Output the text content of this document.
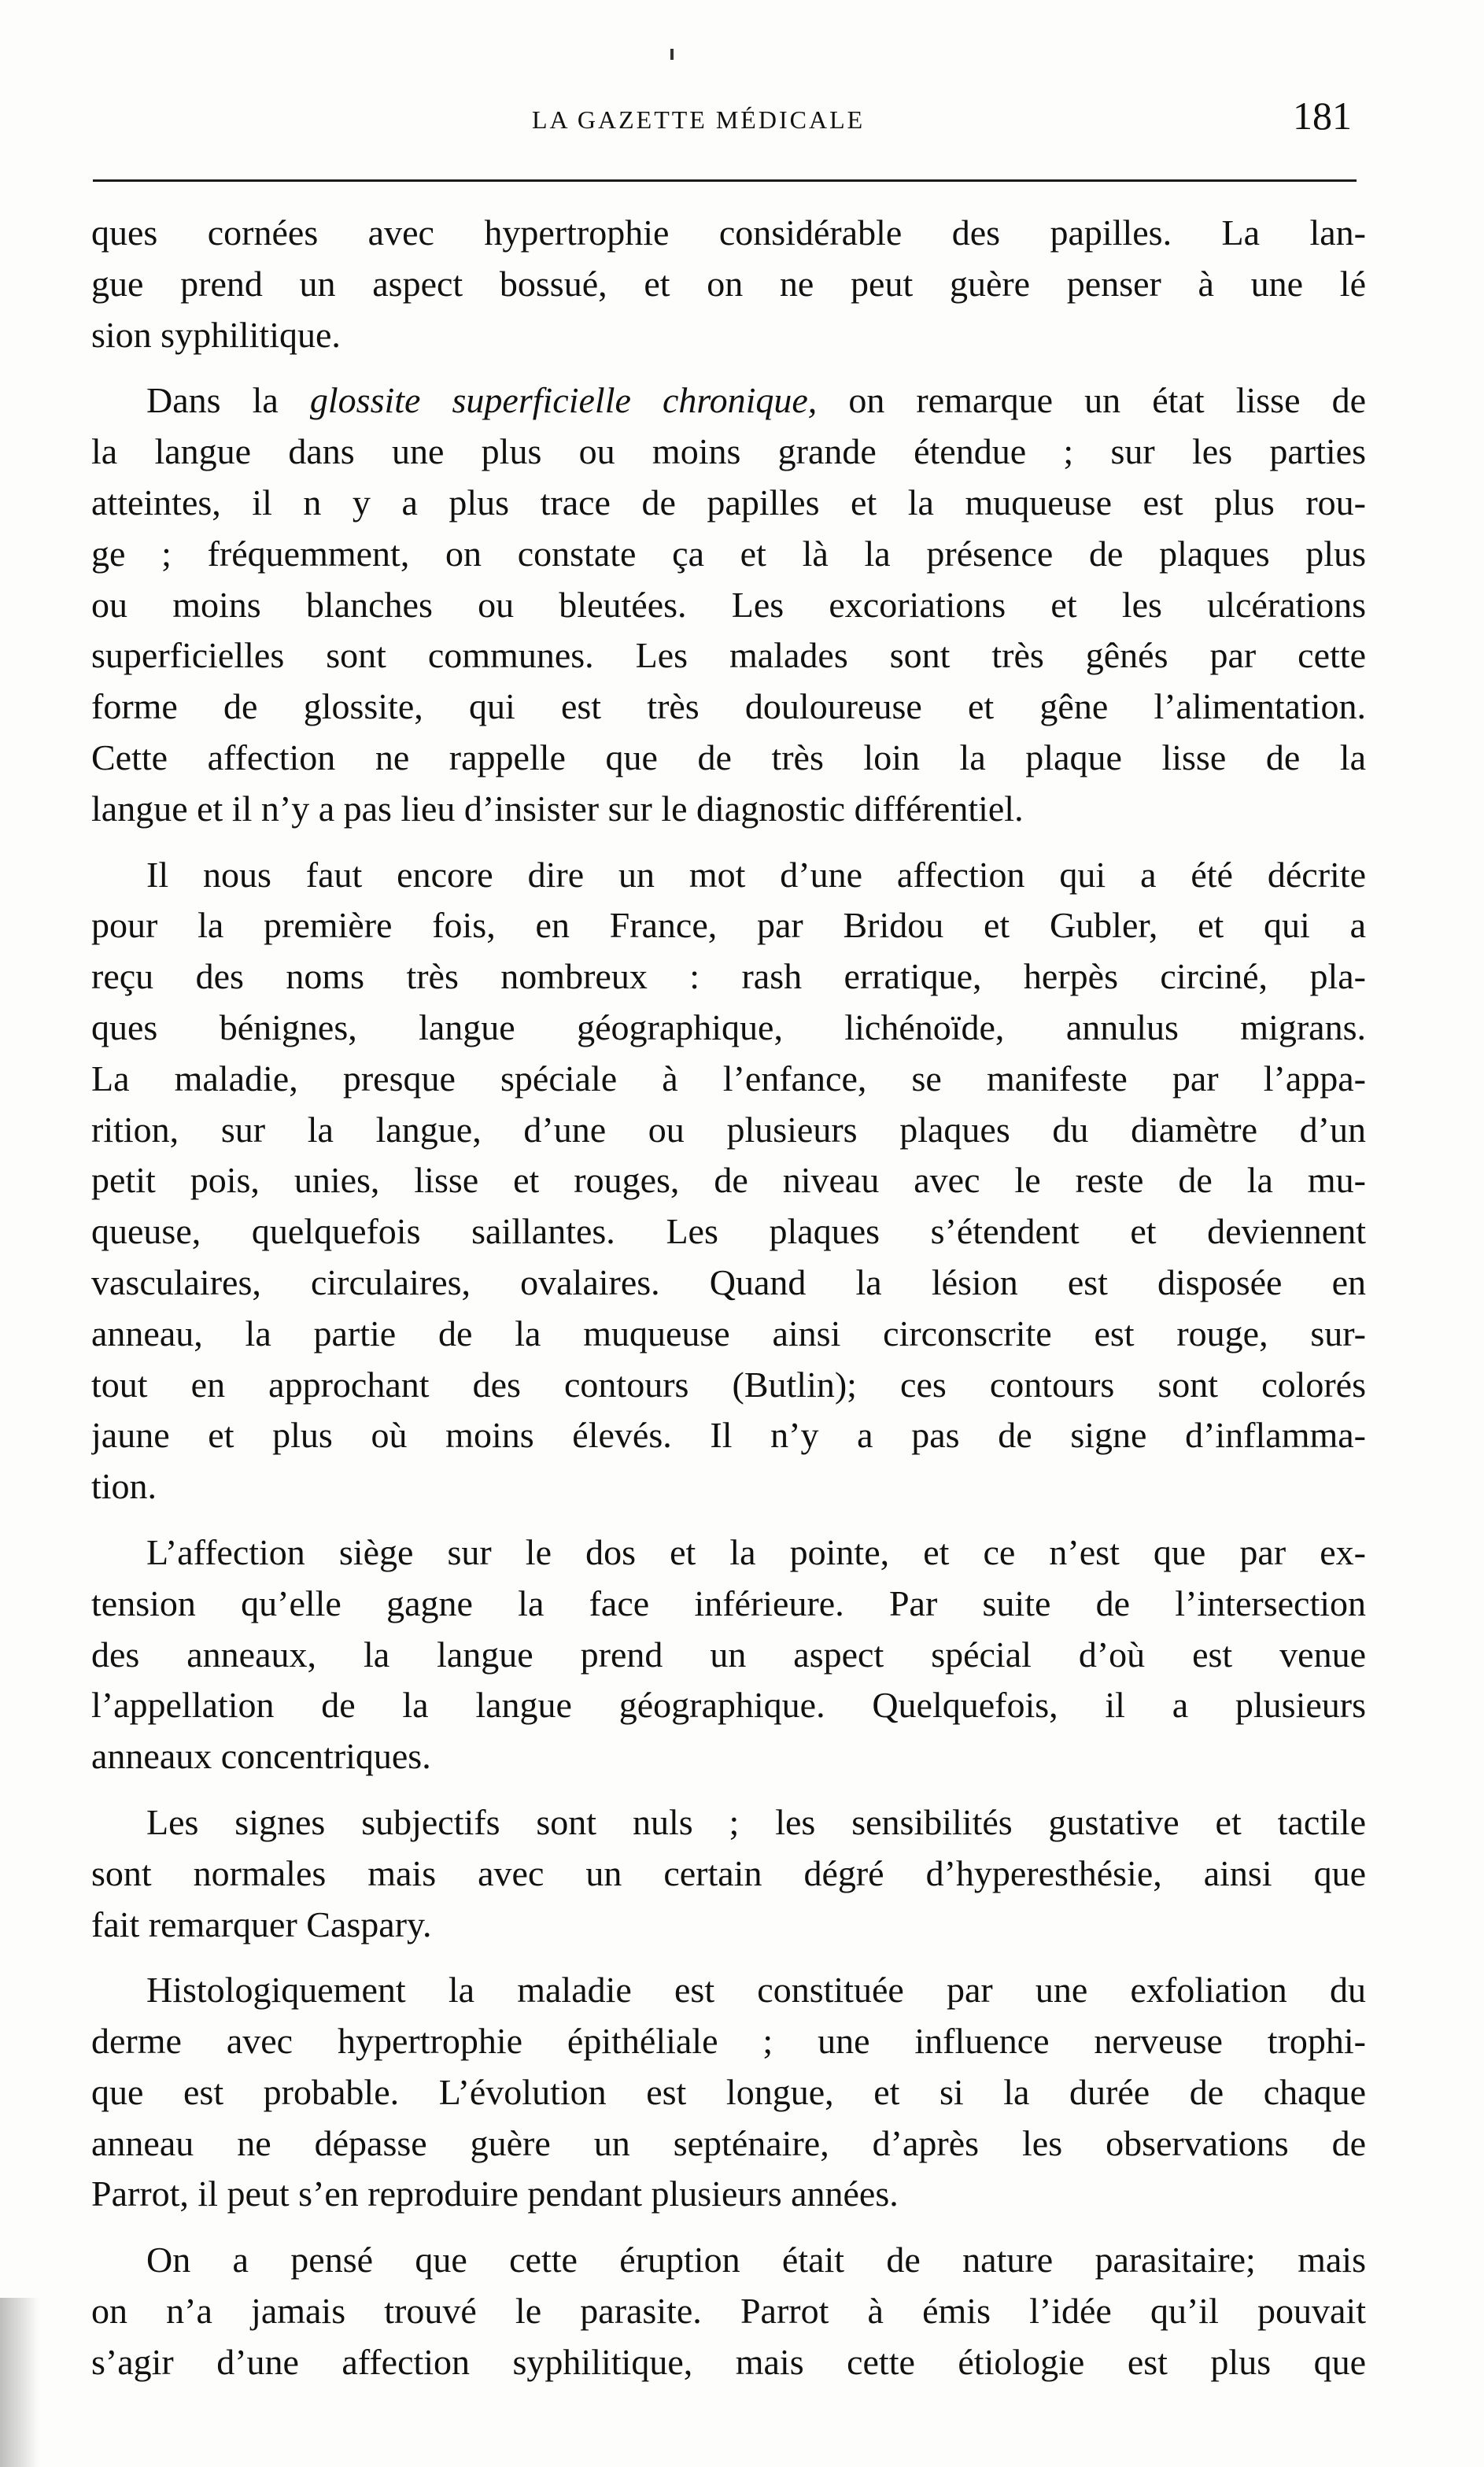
LA GAZETTE MÉDICALE	181

ques cornées avec hypertrophie considérable des papilles. La lan-
gue prend un aspect bossué, et on ne peut guère penser à une lé
sion syphilitique.

Dans la glossite superficielle chronique, on remarque un état lisse de
la langue dans une plus ou moins grande étendue ; sur les parties
atteintes, il n y a plus trace de papilles et la muqueuse est plus rou-
ge ; fréquemment, on constate ça et là la présence de plaques plus
ou moins blanches ou bleutées. Les excoriations et les ulcérations
superficielles sont communes. Les malades sont très gênés par cette
forme de glossite, qui est très douloureuse et gêne l’alimentation.
Cette affection ne rappelle que de très loin la plaque lisse de la
langue et il n’y a pas lieu d’insister sur le diagnostic différentiel.

Il nous faut encore dire un mot d’une affection qui a été décrite
pour la première fois, en France, par Bridou et Gubler, et qui a
reçu des noms très nombreux : rash erratique, herpès circiné, pla-
ques bénignes, langue géographique, lichénoïde, annulus migrans.
La maladie, presque spéciale à l’enfance, se manifeste par l’appa-
rition, sur la langue, d’une ou plusieurs plaques du diamètre d’un
petit pois, unies, lisse et rouges, de niveau avec le reste de la mu-
queuse, quelquefois saillantes. Les plaques s’étendent et deviennent
vasculaires, circulaires, ovalaires. Quand la lésion est disposée en
anneau, la partie de la muqueuse ainsi circonscrite est rouge, sur-
tout en approchant des contours (Butlin); ces contours sont colorés
jaune et plus où moins élevés. Il n’y a pas de signe d’inflamma-
tion.

L’affection siège sur le dos et la pointe, et ce n’est que par ex-
tension qu’elle gagne la face inférieure. Par suite de l’intersection
des anneaux, la langue prend un aspect spécial d’où est venue
l’appellation de la langue géographique. Quelquefois, il a plusieurs
anneaux concentriques.

Les signes subjectifs sont nuls ; les sensibilités gustative et tactile
sont normales mais avec un certain dégré d’hyperesthésie, ainsi que
fait remarquer Caspary.

Histologiquement la maladie est constituée par une exfoliation du
derme avec hypertrophie épithéliale ; une influence nerveuse trophi-
que est probable. L’évolution est longue, et si la durée de chaque
anneau ne dépasse guère un septénaire, d’après les observations de
Parrot, il peut s’en reproduire pendant plusieurs années.

On a pensé que cette éruption était de nature parasitaire; mais
on n’a jamais trouvé le parasite. Parrot à émis l’idée qu’il pouvait
s’agir d’une affection syphilitique, mais cette étiologie est plus que
